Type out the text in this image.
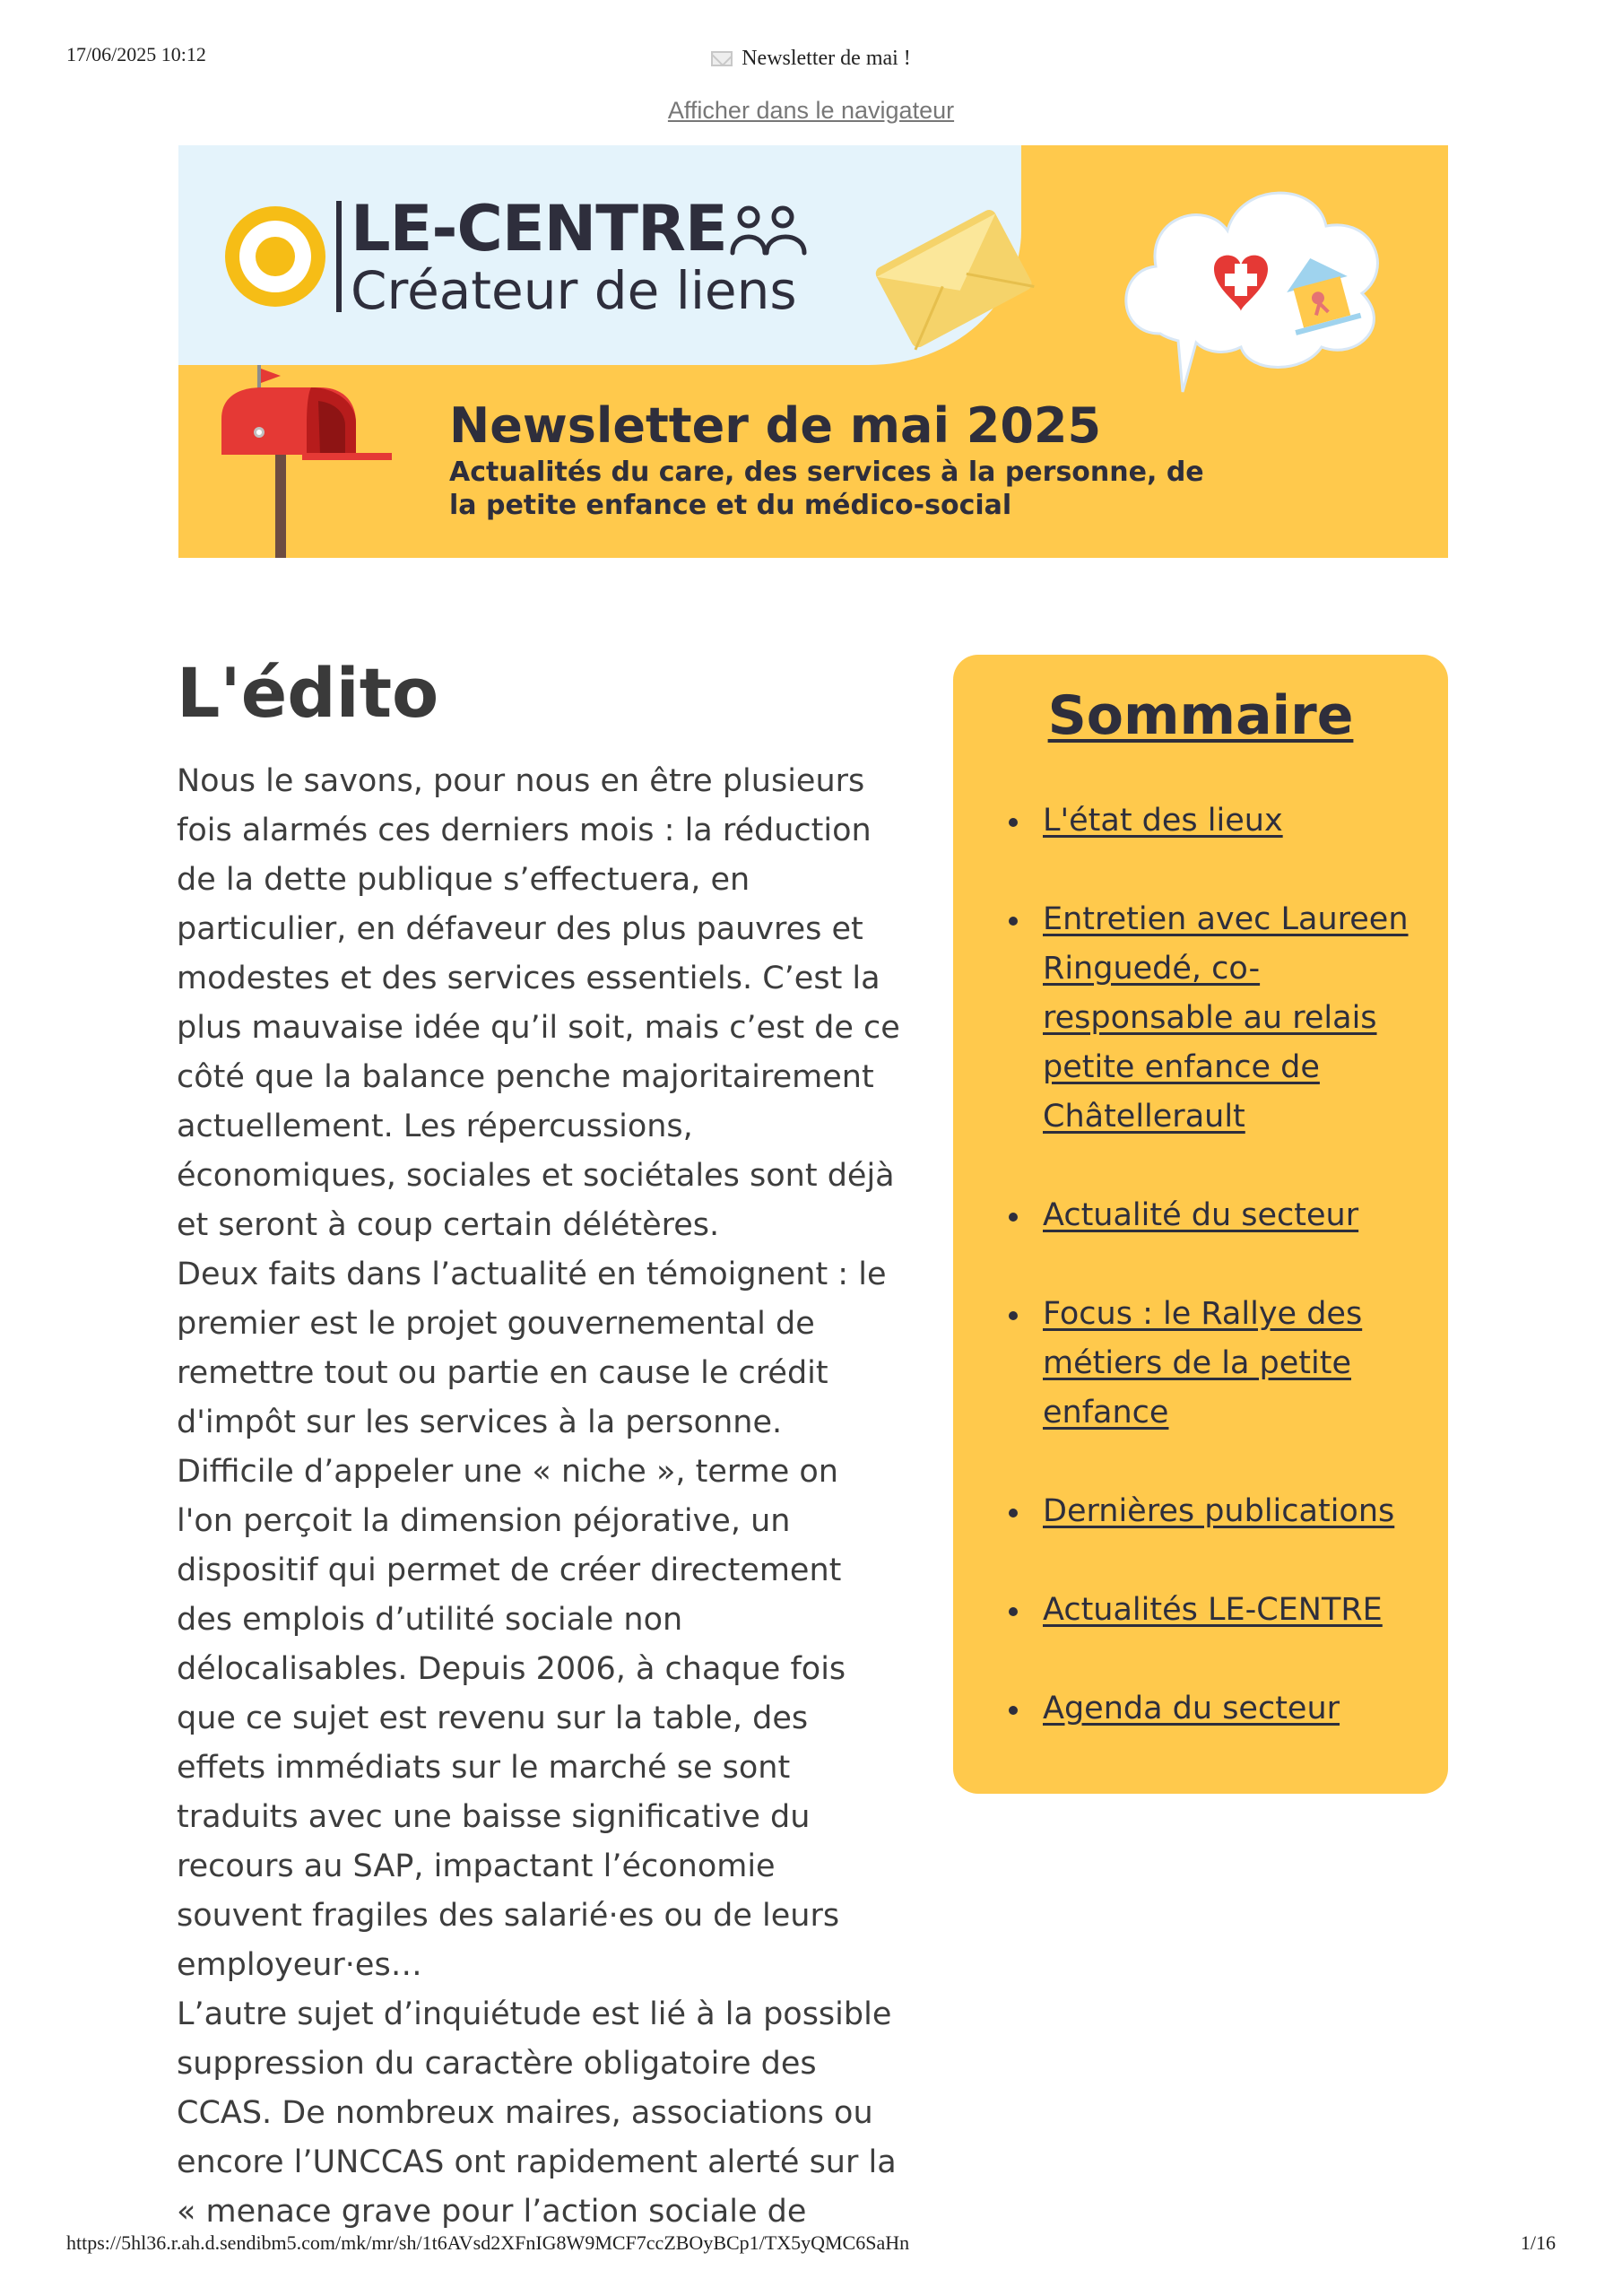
17/06/2025 10:12	Newsletter de mai !
Afficher dans le navigateur
LE-CENTRE
Créateur de liens
Newsletter de mai 2025
Actualités du care, des services à la personne, de la petite enfance et du médico-social
L'édito

Nous le savons, pour nous en être plusieurs fois alarmés ces derniers mois : la réduction de la dette publique s’effectuera, en particulier, en défaveur des plus pauvres et modestes et des services essentiels. C’est la plus mauvaise idée qu’il soit, mais c’est de ce côté que la balance penche majoritairement actuellement. Les répercussions, économiques, sociales et sociétales sont déjà et seront à coup certain délétères.

Deux faits dans l’actualité en témoignent : le premier est le projet gouvernemental de remettre tout ou partie en cause le crédit d'impôt sur les services à la personne. Difficile d’appeler une « niche », terme on l'on perçoit la dimension péjorative, un dispositif qui permet de créer directement des emplois d’utilité sociale non délocalisables. Depuis 2006, à chaque fois que ce sujet est revenu sur la table, des effets immédiats sur le marché se sont traduits avec une baisse significative du recours au SAP, impactant l’économie souvent fragiles des salarié·es ou de leurs employeur·es…

L’autre sujet d’inquiétude est lié à la possible suppression du caractère obligatoire des CCAS. De nombreux maires, associations ou encore l’UNCCAS ont rapidement alerté sur la « menace grave pour l’action sociale de

Sommaire
L'état des lieux
Entretien avec Laureen Ringuedé, co-responsable au relais petite enfance de Châtellerault
Actualité du secteur
Focus : le Rallye des métiers de la petite enfance
Dernières publications
Actualités LE-CENTRE
Agenda du secteur
https://5hl36.r.ah.d.sendibm5.com/mk/mr/sh/1t6AVsd2XFnIG8W9MCF7ccZBOyBCp1/TX5yQMC6SaHn	1/16
